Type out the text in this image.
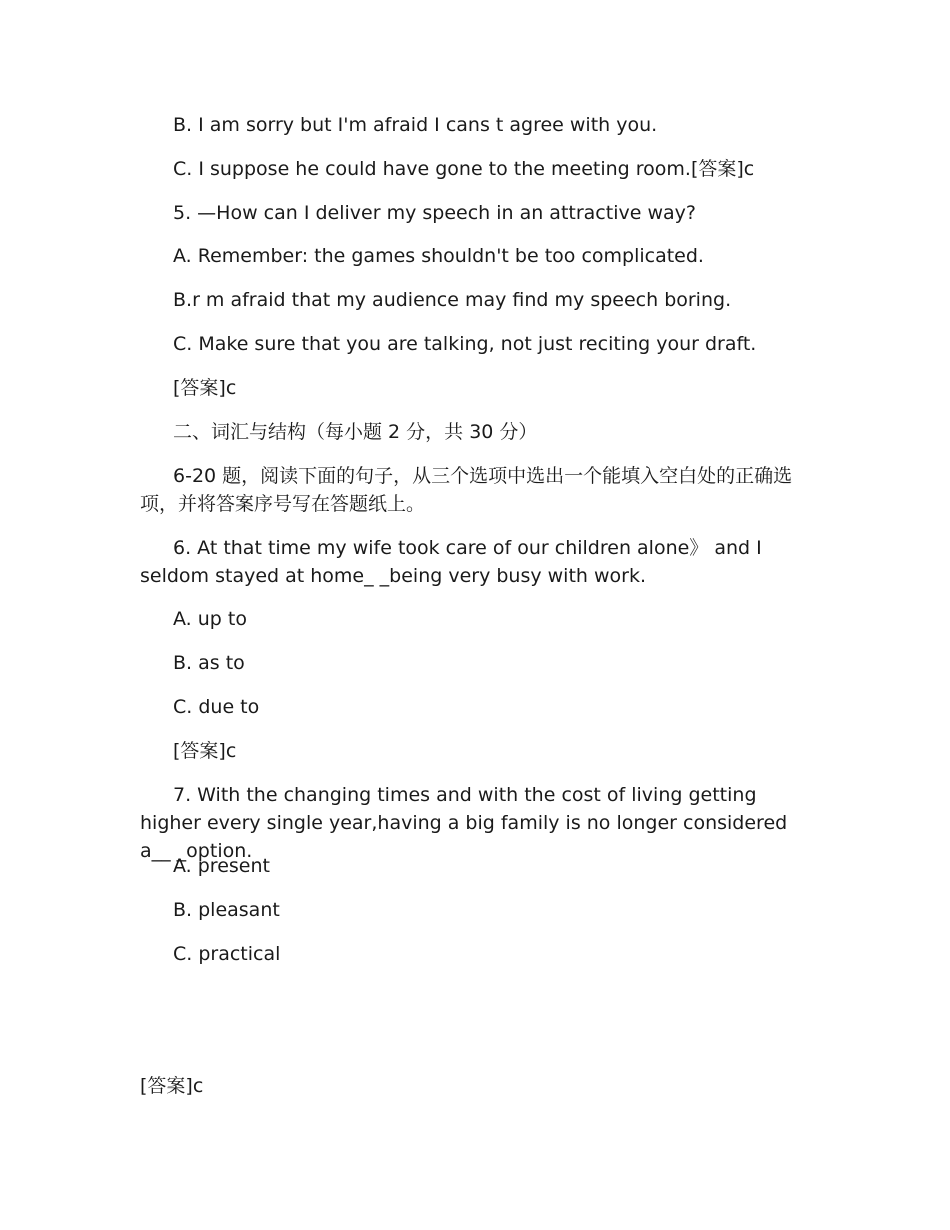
B. I am sorry but I'm afraid I cans t agree with you.

C. I suppose he could have gone to the meeting room.[答案]c

5. —How can I deliver my speech in an attractive way?

A. Remember: the games shouldn't be too complicated.

B.r m afraid that my audience may find my speech boring.

C. Make sure that you are talking, not just reciting your draft.

[答案]c

二、词汇与结构（每小题 2 分，共 30 分）

6-20 题，阅读下面的句子，从三个选项中选出一个能填入空白处的正确选项，并将答案序号写在答题纸上。

6. At that time my wife took care of our children alone》 and I seldom stayed at home_ _being very busy with work.

A. up to

B. as to

C. due to

[答案]c

7. With the changing times and with the cost of living getting higher every single year,having a big family is no longer considered a__ _option.

A. present

B. pleasant

C. practical

[答案]c
